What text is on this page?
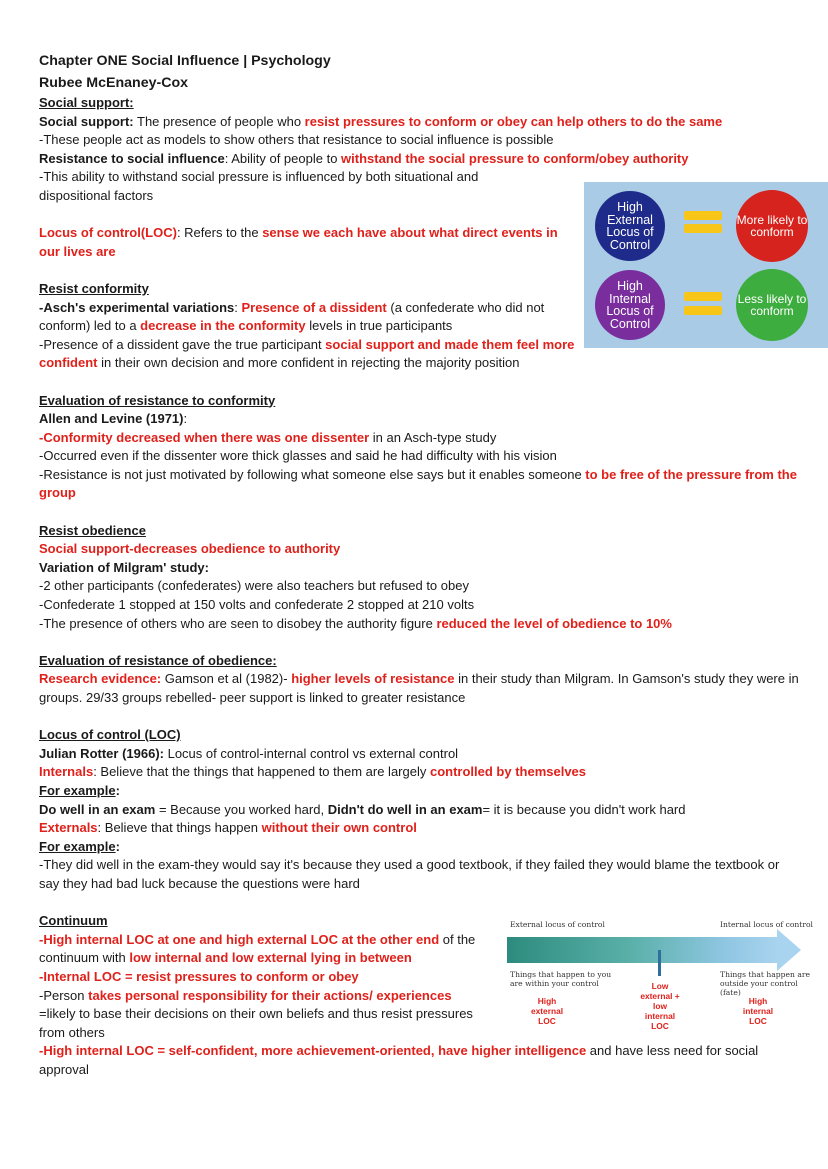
Chapter ONE Social Influence | Psychology

Rubee McEnaney-Cox

Social support:

Social support: The presence of people who resist pressures to conform or obey can help others to do the same

-These people act as models to show others that resistance to social influence is possible

Resistance to social influence: Ability of people to withstand the social pressure to conform/obey authority

-This ability to withstand social pressure is influenced by both situational and dispositional factors

Locus of control(LOC): Refers to the sense we each have about what direct events in our lives are

Resist conformity

-Asch's experimental variations: Presence of a dissident (a confederate who did not conform) led to a decrease in the conformity levels in true participants

-Presence of a dissident gave the true participant social support and made them feel more confident in their own decision and more confident in rejecting the majority position

Evaluation of resistance to conformity

Allen and Levine (1971):

-Conformity decreased when there was one dissenter in an Asch-type study

-Occurred even if the dissenter wore thick glasses and said he had difficulty with his vision

-Resistance is not just motivated by following what someone else says but it enables someone to be free of the pressure from the group

Resist obedience

Social support-decreases obedience to authority

Variation of Milgram' study:

-2 other participants (confederates) were also teachers but refused to obey

-Confederate 1 stopped at 150 volts and confederate 2 stopped at 210 volts

-The presence of others who are seen to disobey the authority figure reduced the level of obedience to 10%

Evaluation of resistance of obedience:

Research evidence: Gamson et al (1982)- higher levels of resistance in their study than Milgram. In Gamson's study they were in groups. 29/33 groups rebelled- peer support is linked to greater resistance

Locus of control (LOC)

Julian Rotter (1966): Locus of control-internal control vs external control

Internals: Believe that the things that happened to them are largely controlled by themselves

For example:

Do well in an exam = Because you worked hard, Didn't do well in an exam= it is because you didn't work hard

Externals: Believe that things happen without their own control

For example:

-They did well in the exam-they would say it's because they used a good textbook, if they failed they would blame the textbook or say they had bad luck because the questions were hard

Continuum

-High internal LOC at one and high external LOC at the other end of the continuum with low internal and low external lying in between

-Internal LOC = resist pressures to conform or obey

-Person takes personal responsibility for their actions/ experiences

=likely to base their decisions on their own beliefs and thus resist pressures from others

-High internal LOC = self-confident, more achievement-oriented, have higher intelligence and have less need for social approval

High External Locus of Control
More likely to conform
High Internal Locus of Control
Less likely to conform
External locus of control	Internal locus of control
Things that happen to you are within your control
Things that happen are outside your control (fate)
High external LOC
Low external + low internal LOC
High internal LOC
